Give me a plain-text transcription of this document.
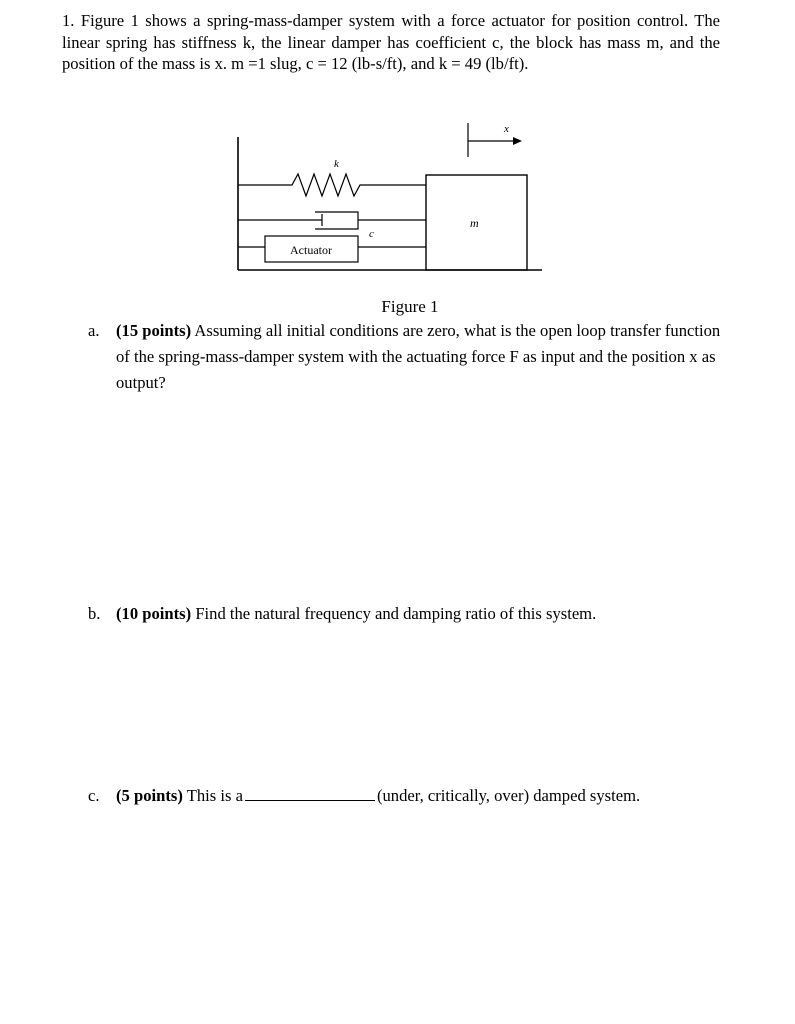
1. Figure 1 shows a spring-mass-damper system with a force actuator for position control. The linear spring has stiffness k, the linear damper has coefficient c, the block has mass m, and the position of the mass is x. m =1 slug, c = 12 (lb-s/ft), and k = 49 (lb/ft).

k
c
m
x
Actuator

Figure 1

a. (15 points) Assuming all initial conditions are zero, what is the open loop transfer function of the spring-mass-damper system with the actuating force F as input and the position x as output?
b. (10 points) Find the natural frequency and damping ratio of this system.
c. (5 points) This is a	(under, critically, over) damped system.
